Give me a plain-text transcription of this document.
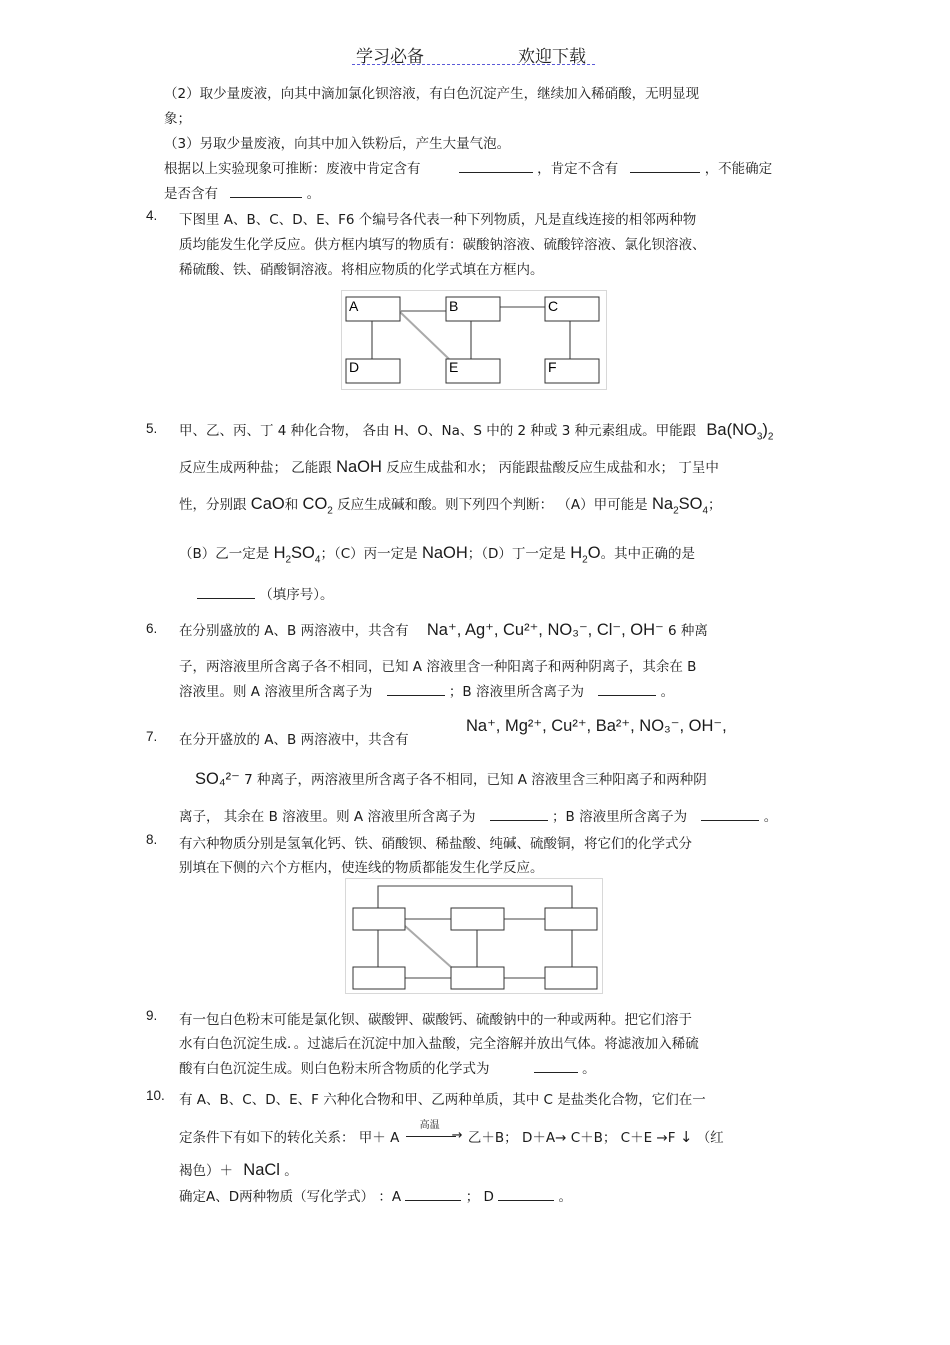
学习必备	欢迎下载
（2）取少量废液，向其中滴加氯化钡溶液，有白色沉淀产生，继续加入稀硝酸，无明显现
象；
（3）另取少量废液，向其中加入铁粉后，产生大量气泡。
根据以上实验现象可推断：废液中肯定含有	，肯定不含有	，不能确定
是否含有	。
4. 下图里 A、B、C、D、E、F6 个编号各代表一种下列物质，凡是直线连接的相邻两种物
质均能发生化学反应。供方框内填写的物质有：碳酸钠溶液、硫酸锌溶液、氯化钡溶液、
稀硫酸、铁、硝酸铜溶液。将相应物质的化学式填在方框内。
A	B	C
D	E	F
5. 甲、乙、丙、丁 4 种化合物， 各由 H、O、Na、S 中的 2 种或 3 种元素组成。甲能跟 $Ba(NO_3)_2$
反应生成两种盐； 乙能跟 NaOH 反应生成盐和水； 丙能跟盐酸反应生成盐和水； 丁呈中
性，分别跟 CaO和 $CO_2$ 反应生成碱和酸。则下列四个判断： （A）甲可能是 $Na_2SO_4$；
（B）乙一定是 $H_2SO_4$；（C）丙一定是 NaOH；（D）丁一定是 $H_2O$。其中正确的是
（填序号）。
6. 在分别盛放的 A、B 两溶液中，共含有 Na⁺, Ag⁺, Cu²⁺, NO₃⁻, Cl⁻, OH⁻ 6 种离
子，两溶液里所含离子各不相同，已知 A 溶液里含一种阳离子和两种阴离子，其余在 B
溶液里。则 A 溶液里所含离子为	；B 溶液里所含离子为	。
7. 在分开盛放的 A、B 两溶液中，共含有
Na⁺, Mg²⁺, Cu²⁺, Ba²⁺, NO₃⁻, OH⁻,
SO₄²⁻ 7 种离子，两溶液里所含离子各不相同，已知 A 溶液里含三种阳离子和两种阴
离子， 其余在 B 溶液里。则 A 溶液里所含离子为	；B 溶液里所含离子为	。
8. 有六种物质分别是氢氧化钙、铁、硝酸钡、稀盐酸、纯碱、硫酸铜，将它们的化学式分
别填在下侧的六个方框内，使连线的物质都能发生化学反应。
9. 有一包白色粉末可能是氯化钡、碳酸钾、碳酸钙、硫酸钠中的一种或两种。把它们溶于
水有白色沉淀生成．。过滤后在沉淀中加入盐酸，完全溶解并放出气体。将滤液加入稀硫
酸有白色沉淀生成。则白色粉末所含物质的化学式为	。
10. 有 A、B、C、D、E、F 六种化合物和甲、乙两种单质，其中 C 是盐类化合物，它们在一
定条件下有如下的转化关系： 甲＋ A
高温
→ 乙＋B； D＋A→ C＋B； C＋E →F ↓ （红
褐色）＋ NaCl 。
确定A、D两种物质（写化学式） ：A	； D	。
